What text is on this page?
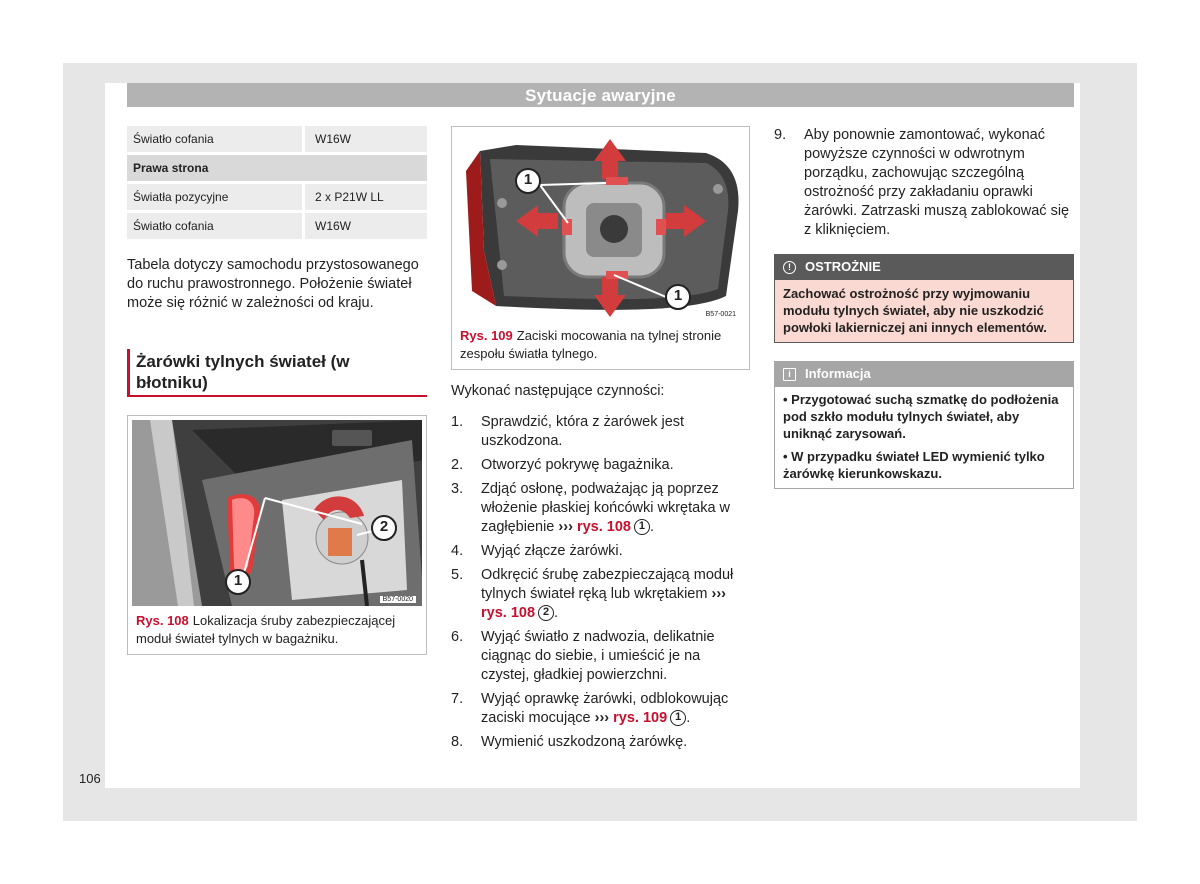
Sytuacje awaryjne
Światło cofania	W16W
Prawa strona	
Światła pozycyjne	2 x P21W LL
Światło cofania	W16W

Tabela dotyczy samochodu przystosowanego do ruchu prawostronnego. Położenie świateł może się różnić w zależności od kraju.

Żarówki tylnych świateł (w błotniku)
2
1
B57-0020
Rys. 108 Lokalizacja śruby zabezpieczającej moduł świateł tylnych w bagażniku.
1
1
B57-0021
Rys. 109 Zaciski mocowania na tylnej stronie zespołu światła tylnego.

Wykonać następujące czynności:

1. Sprawdzić, która z żarówek jest uszkodzona.
2. Otworzyć pokrywę bagażnika.
3. Zdjąć osłonę, podważając ją poprzez włożenie płaskiej końcówki wkrętaka w zagłębienie ››› rys. 108 1 .
4. Wyjąć złącze żarówki.
5. Odkręcić śrubę zabezpieczającą moduł tylnych świateł ręką lub wkrętakiem ››› rys. 108 2 .
6. Wyjąć światło z nadwozia, delikatnie ciągnąc do siebie, i umieścić je na czystej, gładkiej powierzchni.
7. Wyjąć oprawkę żarówki, odblokowując zaciski mocujące ››› rys. 109 1 .
8. Wymienić uszkodzoną żarówkę.
9. Aby ponownie zamontować, wykonać powyższe czynności w odwrotnym porządku, zachowując szczególną ostrożność przy zakładaniu oprawki żarówki. Zatrzaski muszą zablokować się z kliknięciem.
!	OSTROŻNIE
Zachować ostrożność przy wyjmowaniu modułu tylnych świateł, aby nie uszkodzić powłoki lakierniczej ani innych elementów.
i	Informacja
• Przygotować suchą szmatkę do podłożenia pod szkło modułu tylnych świateł, aby uniknąć zarysowań.
• W przypadku świateł LED wymienić tylko żarówkę kierunkowskazu.
106
